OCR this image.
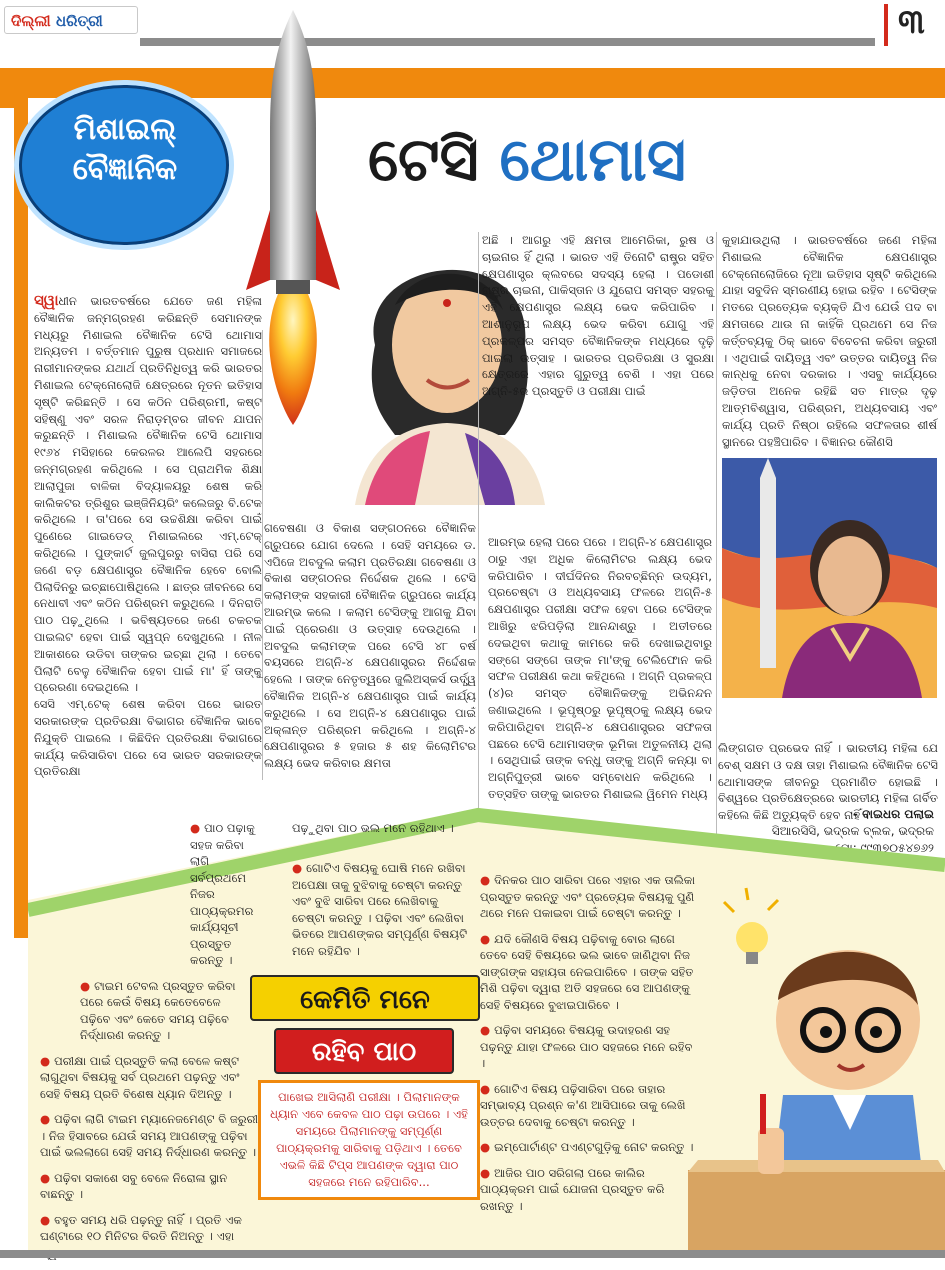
ଦିଲ୍ଲୀ ଧରିତ୍ରୀ	୩
ମିଶାଇଲ୍
ବୈଜ୍ଞାନିକ	ଟେସି ଥୋମାସ

ସ୍ୱାଧୀନ ଭାରତବର୍ଷରେ ଯେତେ ଜଣ ମହିଳା ବୈଜ୍ଞାନିକ ଜନ୍ମଗ୍ରହଣ କରିଛନ୍ତି ସେମାନଙ୍କ ମଧ୍ୟରୁ ମିଶାଇଲ ବୈଜ୍ଞାନିକ ଟେସି ଥୋମାସ ଅନ୍ୟତମ । ବର୍ତ୍ତମାନ ପୁରୁଷ ପ୍ରଧାନ ସମାଜରେ ନାରୀମାନଙ୍କର ଯଥାର୍ଥ ପ୍ରତିନିଧିତ୍ୱ କରି ଭାରତର ମିଶାଇଲ ଟେକ୍ନୋଲୋଜି କ୍ଷେତ୍ରରେ ନୂତନ ଇତିହାସ ସୃଷ୍ଟି କରିଛନ୍ତି । ସେ କଠିନ ପରିଶ୍ରମୀ, କଷ୍ଟ ସହିଷ୍ଣୁ ଏବଂ ସରଳ ନିରାଡ଼ମ୍ବର ଜୀବନ ଯାପନ କରୁଛନ୍ତି । ମିଶାଇଲ ବୈଜ୍ଞାନିକ ଟେସି ଥୋମାସ ୧୯୬୪ ମସିହାରେ କେରଳର ଆଲେପି ସହରରେ ଜନ୍ମଗ୍ରହଣ କରିଥିଲେ । ସେ ପ୍ରାଥମିକ ଶିକ୍ଷା ଆଲାପୁଜା ବାଳିକା ବିଦ୍ୟାଳୟରୁ ଶେଷ କରି କାଲିକଟର ତ୍ରିଶୁର ଇଞ୍ଜିନିୟରିଂ କଲେଜରୁ ବି.ଟେକ କରିଥିଲେ । ତା'ପରେ ସେ ଉଚ୍ଚଶିକ୍ଷା କରିବା ପାଇଁ ପୁଣେରେ ଗାଇଡେଡ୍ ମିଶାଇଲରେ ଏମ୍.ଟେକ୍ କରିଥିଲେ । ପୁଙ୍କାର୍ଟ ଜୁଲପୁରରୁ ବାସିରା ପରି ସେ ଜଣେ ବଡ଼ କ୍ଷେପଣାସ୍ତ୍ର ବୈଜ୍ଞାନିକ ହେବେ ବୋଲି ପିଲାଦିନରୁ ଇଚ୍ଛାପୋଷିଥିଲେ । ଛାତ୍ର ଜୀବନରେ ସେ ନେଧାବୀ ଏବଂ କଠିନ ପରିଶ୍ରମ କରୁଥିଲେ । ଦିନରାତି ପାଠ ପଢ଼ୁଥିଲେ । ଭବିଷ୍ୟତରେ ଜଣେ ଚକଚକ ପାଇଲଟ ହେବା ପାଇଁ ସ୍ୱପ୍ନ ଦେଖୁଥିଲେ । ନୀଳ ଆକାଶରେ ଉଡିବା ତାଙ୍କର ଇଚ୍ଛା ଥିଲା । ତେବେ ପିଲାଟି ବେଳୁ ବୈଜ୍ଞାନିକ ହେବା ପାଇଁ ମା' ହିଁ ତାଙ୍କୁ ପ୍ରେରଣା ଦେଇଥିଲେ ।

ସେସି ଏମ୍.ଟେକ୍ ଶେଷ କରିବା ପରେ ଭାରତ ସରକାରଙ୍କ ପ୍ରତିରକ୍ଷା ବିଭାଗର ବୈଜ୍ଞାନିକ ଭାବେ ନିଯୁକ୍ତି ପାଇଲେ । କିଛିଦିନ ପ୍ରତିରକ୍ଷା ବିଭାଗରେ କାର୍ଯ୍ୟ କରିସାରିବା ପରେ ସେ ଭାରତ ସରକାରଙ୍କ ପ୍ରତିରକ୍ଷା

ଗବେଷଣା ଓ ବିକାଶ ସଙ୍ଗଠନରେ ବୈଜ୍ଞାନିକ ଗ୍ରୁପରେ ଯୋଗ ଦେଲେ । ସେହି ସମୟରେ ଡ. ଏପିଜେ ଅବଦୁଲ କଲାମ ପ୍ରତିରକ୍ଷା ଗବେଷଣା ଓ ବିକାଶ ସଙ୍ଗଠନର ନିର୍ଦ୍ଦେଶକ ଥିଲେ । ଟେସି କଲାମଙ୍କ ସହକାରୀ ବୈଜ୍ଞାନିକ ଗ୍ରୁପରେ କାର୍ଯ୍ୟ ଆରମ୍ଭ କଲେ । କଲାମ ଟେସିଙ୍କୁ ଆଗକୁ ଯିବା ପାଇଁ ପ୍ରେରଣା ଓ ଉତ୍ସାହ ଦେଉଥିଲେ । ଅବଦୁଲ କଲାମଙ୍କ ପରେ ଟେସି ୪୮ ବର୍ଷ ବୟସରେ ଅଗ୍ନି-୪ କ୍ଷେପଣାସ୍ତ୍ରର ନିର୍ଦ୍ଦେଶକ ହେଲେ । ତାଙ୍କ ନେତୃତ୍ୱରେ ଜୁଲିଅସ୍କର୍ସ ଉର୍ଦ୍ଧ୍ୱ ବୈଜ୍ଞାନିକ ଅଗ୍ନି-୪ କ୍ଷେପଣାସ୍ତ୍ର ପାଇଁ କାର୍ଯ୍ୟ କରୁଥିଲେ । ସେ ଅଗ୍ନି-୪ କ୍ଷେପଣାସ୍ତ୍ର ପାଇଁ ଅକ୍ଳାନ୍ତ ପରିଶ୍ରମ କରିଥିଲେ । ଅଗ୍ନି-୪ କ୍ଷେପଣାସ୍ତ୍ରର ୫ ହଜାର ୫ ଶହ କିଲୋମିଟର ଲକ୍ଷ୍ୟ ଭେଦ କରିବାର କ୍ଷମତା
ଅଛି । ଆଗରୁ ଏହି କ୍ଷମତା ଆମେରିକା, ରୁଷ ଓ ଚାଇନାର ହିଁ ଥିଲା । ଭାରତ ଏହି ତିନୋଟି ରାଷ୍ଟ୍ର ସହିତ କ୍ଷେପଣାସ୍ତ୍ର କ୍ଲବରେ ସଦସ୍ୟ ହେଲା । ପଡୋଶୀ ରାଷ୍ଟ୍ର ଚାଇନା, ପାକିସ୍ତାନ ଓ ଯୁରୋପ ସମସ୍ତ ସହରକୁ ଏହି କ୍ଷେପଣାସ୍ତ୍ର ଲକ୍ଷ୍ୟ ଭେଦ କରିପାରିବ । ଆଶାନୁରୂପ ଲକ୍ଷ୍ୟ ଭେଦ କରିବା ଯୋଗୁ ଏହି ପ୍ରକଳ୍ପର ସମସ୍ତ ବୈଜ୍ଞାନିକଙ୍କ ମଧ୍ୟରେ ଦୃଢ଼ି ପାଇଲା ଉତ୍ସାହ । ଭାରତର ପ୍ରତିରକ୍ଷା ଓ ସୁରକ୍ଷା କ୍ଷେତ୍ରରେ ଏହାର ଗୁରୁତ୍ୱ ବେଶି । ଏହା ପରେ ଅଗ୍ନି-୫ର ପ୍ରସ୍ତୁତି ଓ ପରୀକ୍ଷା ପାଇଁ
ଆରମ୍ଭ ହେଲା ପରେ ପରେ । ଅଗ୍ନି-୪ କ୍ଷେପଣାସ୍ତ୍ର ଠାରୁ ଏହା ଅଧିକ କିଲୋମିଟର ଲକ୍ଷ୍ୟ ଭେଦ କରିପାରିବ । ଦୀର୍ଘଦିନର ନିରବଚ୍ଛିନ୍ନ ଉଦ୍ୟମ, ପ୍ରଚେଷ୍ଟା ଓ ଅଧ୍ୟବସାୟ ଫଳରେ ଅଗ୍ନି-୫ କ୍ଷେପଣାସ୍ତ୍ର ପରୀକ୍ଷା ସଫଳ ହେବା ପରେ ଟେସିଙ୍କ ଆଖିରୁ ଝରିପଡ଼ିଲା ଆନନ୍ଦାଶ୍ରୁ । ଅତୀତରେ ଦେଇଥିବା କଥାକୁ କାମରେ କରି ଦେଖାଇଥିବାରୁ ସଙ୍ଗେ ସଙ୍ଗେ ତାଙ୍କ ମା'ଙ୍କୁ ଟେଲିଫୋନ କରି ସଫଳ ପରୀକ୍ଷଣ କଥା କହିଥିଲେ । ଅଗ୍ନି ପ୍ରକଳ୍ପ (୪)ର ସମସ୍ତ ବୈଜ୍ଞାନିକଙ୍କୁ ଅଭିନନ୍ଦନ ଜଣାଇଥିଲେ । ଭୂପୃଷ୍ଠରୁ ଭୂପୃଷ୍ଠକୁ ଲକ୍ଷ୍ୟ ଭେଦ କରିପାରିଥିବା ଅଗ୍ନି-୪ କ୍ଷେପଣାସ୍ତ୍ରର ସଫଳତା ପଛରେ ଟେସି ଥୋମାସଙ୍କ ଭୂମିକା ଅତୁଳନୀୟ ଥିଲା । ସେଥିପାଇଁ ତାଙ୍କ ବନ୍ଧୁ ତାଙ୍କୁ ଅଗ୍ନି କନ୍ୟା ବା ଅଗ୍ନିପୁତ୍ରୀ ଭାବେ ସମ୍ବୋଧନ କରିଥିଲେ । ତତ୍‌ସହିତ ତାଙ୍କୁ ଭାରତର ମିଶାଇଲ ୱିମେନ ମଧ୍ୟ
କୁହାଯାଉଥିଲା । ଭାରତବର୍ଷରେ ଜଣେ ମହିଳା ମିଶାଇଲ ବୈଜ୍ଞାନିକ କ୍ଷେପଣାସ୍ତ୍ର ଟେକ୍ନୋଲୋଜିରେ ନୂଆ ଇତିହାସ ସୃଷ୍ଟି କରିଥିଲେ ଯାହା ସବୁଦିନ ସ୍ମରଣୀୟ ହୋଇ ରହିବ । ଟେସିଙ୍କ ମତରେ ପ୍ରତ୍ୟେକ ବ୍ୟକ୍ତି ଯିଏ ଯେଉଁ ପଦ ବା କ୍ଷମତାରେ ଥାଉ ନା କାହିଁକି ପ୍ରଥମେ ସେ ନିଜ କର୍ତ୍ତବ୍ୟକୁ ଠିକ୍ ଭାବେ ବିବେଚନା କରିବା ଜରୁରୀ । ଏଥିପାଇଁ ଦାୟିତ୍ୱ ଏବଂ ଉତ୍ତର ଦାୟିତ୍ୱ ନିଜ କାନ୍ଧକୁ ନେବା ଦରକାର । ଏସବୁ କାର୍ଯ୍ୟରେ ଜଡ଼ିତତା ଅନେକ ରହିଛି ସତ ମାତ୍ର ଦୃଢ଼ ଆତ୍ମବିଶ୍ୱାସ, ପରିଶ୍ରମ, ଅଧ୍ୟବସାୟ ଏବଂ କାର୍ଯ୍ୟ ପ୍ରତି ନିଷ୍ଠା ରହିଲେ ସଫଳତାର ଶୀର୍ଷ ସ୍ଥାନରେ ପହଞ୍ଚିପାରିବ । ବିଜ୍ଞାନର କୌଣସି
ଲିଙ୍ଗଗତ ପ୍ରଭେଦ ନାହିଁ । ଭାରତୀୟ ମହିଳା ଯେ ବେଶ୍ ସକ୍ଷମ ଓ ଦକ୍ଷ ତାହା ମିଶାଇଲ ବୈଜ୍ଞାନିକ ଟେସି ଥୋମାସଙ୍କ ଜୀବନରୁ ପ୍ରମାଣିତ ହୋଇଛି । ବିଶ୍ୱରେ ପ୍ରତିକ୍ଷେତ୍ରରେ ଭାରତୀୟ ମହିଳା ଗର୍ବିତ କହିଲେ କିଛି ଅତ୍ୟୁକ୍ତି ହେବ ନାହିଁ ।
- ବାଇଧର ପଲାଇ
ସିଆରସିସି, ଭଦ୍ରକ ବ୍ଲକ, ଭଦ୍ରକ
ମୋ: ୯୯୩୭୦୫୪୭୬୨
ପଢ଼ୁଥିବା ପାଠ ଭଲ ମନେ ରହିଥାଏ ।
● ପାଠ ପଢ଼ାକୁ ସହଜ କରିବା ଲାଗି ସର୍ବପ୍ରଥମେ ନିଜର ପାଠ୍ୟକ୍ରମର କାର୍ଯ୍ୟସୂଚୀ ପ୍ରସ୍ତୁତ କରନ୍ତୁ ।
● ଟାଇମ ଟେବଲ ପ୍ରସ୍ତୁତ କରିବା ପରେ କେଉଁ ବିଷୟ କେତେବେଳେ ପଢ଼ିବେ ଏବଂ କେତେ ସମୟ ପଢ଼ିବେ ନିର୍ଦ୍ଧାରଣ କରନ୍ତୁ ।
● ପରୀକ୍ଷା ପାଇଁ ପ୍ରସ୍ତୁତି କଲା ବେଳେ କଷ୍ଟ ଲାଗୁଥିବା ବିଷୟକୁ ସର୍ବ ପ୍ରଥମେ ପଢ଼ନ୍ତୁ ଏବଂ ସେହି ବିଷୟ ପ୍ରତି ବିଶେଷ ଧ୍ୟାନ ଦିଅନ୍ତୁ ।
● ପଢ଼ିବା ଲାଗି ଟାଇମ ମ୍ୟାନେଜମେଣ୍ଟ ବି ଜରୁରୀ । ନିଜ ହିସାବରେ ଯେଉଁ ସମୟ ଆପଣଙ୍କୁ ପଢ଼ିବା ପାଇଁ ଭଲଲାଗେ ସେହି ସମୟ ନିର୍ଦ୍ଧାରଣ କରନ୍ତୁ ।
● ପଢ଼ିବା ସକାଶେ ସବୁ ବେଳେ ନିରୋଳା ସ୍ଥାନ ବାଛନ୍ତୁ ।
● ବହୁତ ସମୟ ଧରି ପଢ଼ନ୍ତୁ ନାହିଁ । ପ୍ରତି ଏକ ଘଣ୍ଟାରେ ୧୦ ମିନିଟର ବିରତି ନିଅନ୍ତୁ । ଏହା
● ଗୋଟିଏ ବିଷୟକୁ ଘୋଷି ମନେ ରଖିବା ଅପେକ୍ଷା ତାକୁ ବୁଝିବାକୁ ଚେଷ୍ଟା କରନ୍ତୁ ଏବଂ ବୁଝି ସାରିବା ପରେ ଲେଖିବାକୁ ଚେଷ୍ଟା କରନ୍ତୁ । ପଢ଼ିବା ଏବଂ ଲେଖିବା ଭିତରେ ଆପଣଙ୍କର ସମ୍ପୂର୍ଣ୍ଣ ବିଷୟଟି ମନେ ରହିଯିବ ।
● ଦିନକର ପାଠ ସାରିବା ପରେ ଏହାର ଏକ ତାଲିକା ପ୍ରସ୍ତୁତ କରନ୍ତୁ ଏବଂ ପ୍ରତ୍ୟେକ ବିଷୟକୁ ପୁଣି ଥରେ ମନେ ପକାଇବା ପାଇଁ ଚେଷ୍ଟା କରନ୍ତୁ ।
● ଯଦି କୌଣସି ବିଷୟ ପଢ଼ିବାକୁ ବୋର ଲାଗେ ତେବେ ସେହି ବିଷୟରେ ଭଲ ଭାବେ ଜାଣିଥିବା ନିଜ ସାଙ୍ଗଙ୍କ ସହାୟତା ନେଇପାରିବେ । ତାଙ୍କ ସହିତ ମିଶି ପଢ଼ିବା ଦ୍ୱାରା ଅତି ସହଜରେ ସେ ଆପଣଙ୍କୁ ସେହି ବିଷୟରେ ବୁଝାଇପାରିବେ ।
● ପଢ଼ିବା ସମୟରେ ବିଷୟକୁ ଉଦାହରଣ ସହ ପଢ଼ନ୍ତୁ ଯାହା ଫଳରେ ପାଠ ସହଜରେ ମନେ ରହିବ ।
● ଗୋଟିଏ ବିଷୟ ପଢ଼ିସାରିବା ପରେ ତାହାର ସମ୍ଭାବ୍ୟ ପ୍ରଶ୍ନ କ'ଣ ଆସିପାରେ ତାକୁ ଲେଖି ଉତ୍ତର ଦେବାକୁ ଚେଷ୍ଟା କରନ୍ତୁ ।
● ଇମ୍ପୋର୍ଟାଣ୍ଟ ପଏଣ୍ଟଗୁଡ଼ିକୁ ନୋଟ କରନ୍ତୁ ।
● ଆଜିର ପାଠ ସରିଗଲା ପରେ କାଲିର ପାଠ୍ୟକ୍ରମ ପାଇଁ ଯୋଜନା ପ୍ରସ୍ତୁତ କରି ରଖନ୍ତୁ ।
କେମିତି ମନେ
ରହିବ ପାଠ
ପାଖେଇ ଆସିଲାଣି ପରୀକ୍ଷା । ପିଲାମାନଙ୍କ ଧ୍ୟାନ ଏବେ କେବଳ ପାଠ ପଢ଼ା ଉପରେ । ଏହି ସମୟରେ ପିଲାମାନଙ୍କୁ ସମ୍ପୂର୍ଣ୍ଣ ପାଠ୍ୟକ୍ରମକୁ ସାରିବାକୁ ପଡ଼ିଥାଏ । ତେବେ ଏଭଳି କିଛି ଟିପ୍ସ ଆପଣଙ୍କ ଦ୍ୱାରା ପାଠ ସହଜରେ ମନେ ରହିପାରିବ...
